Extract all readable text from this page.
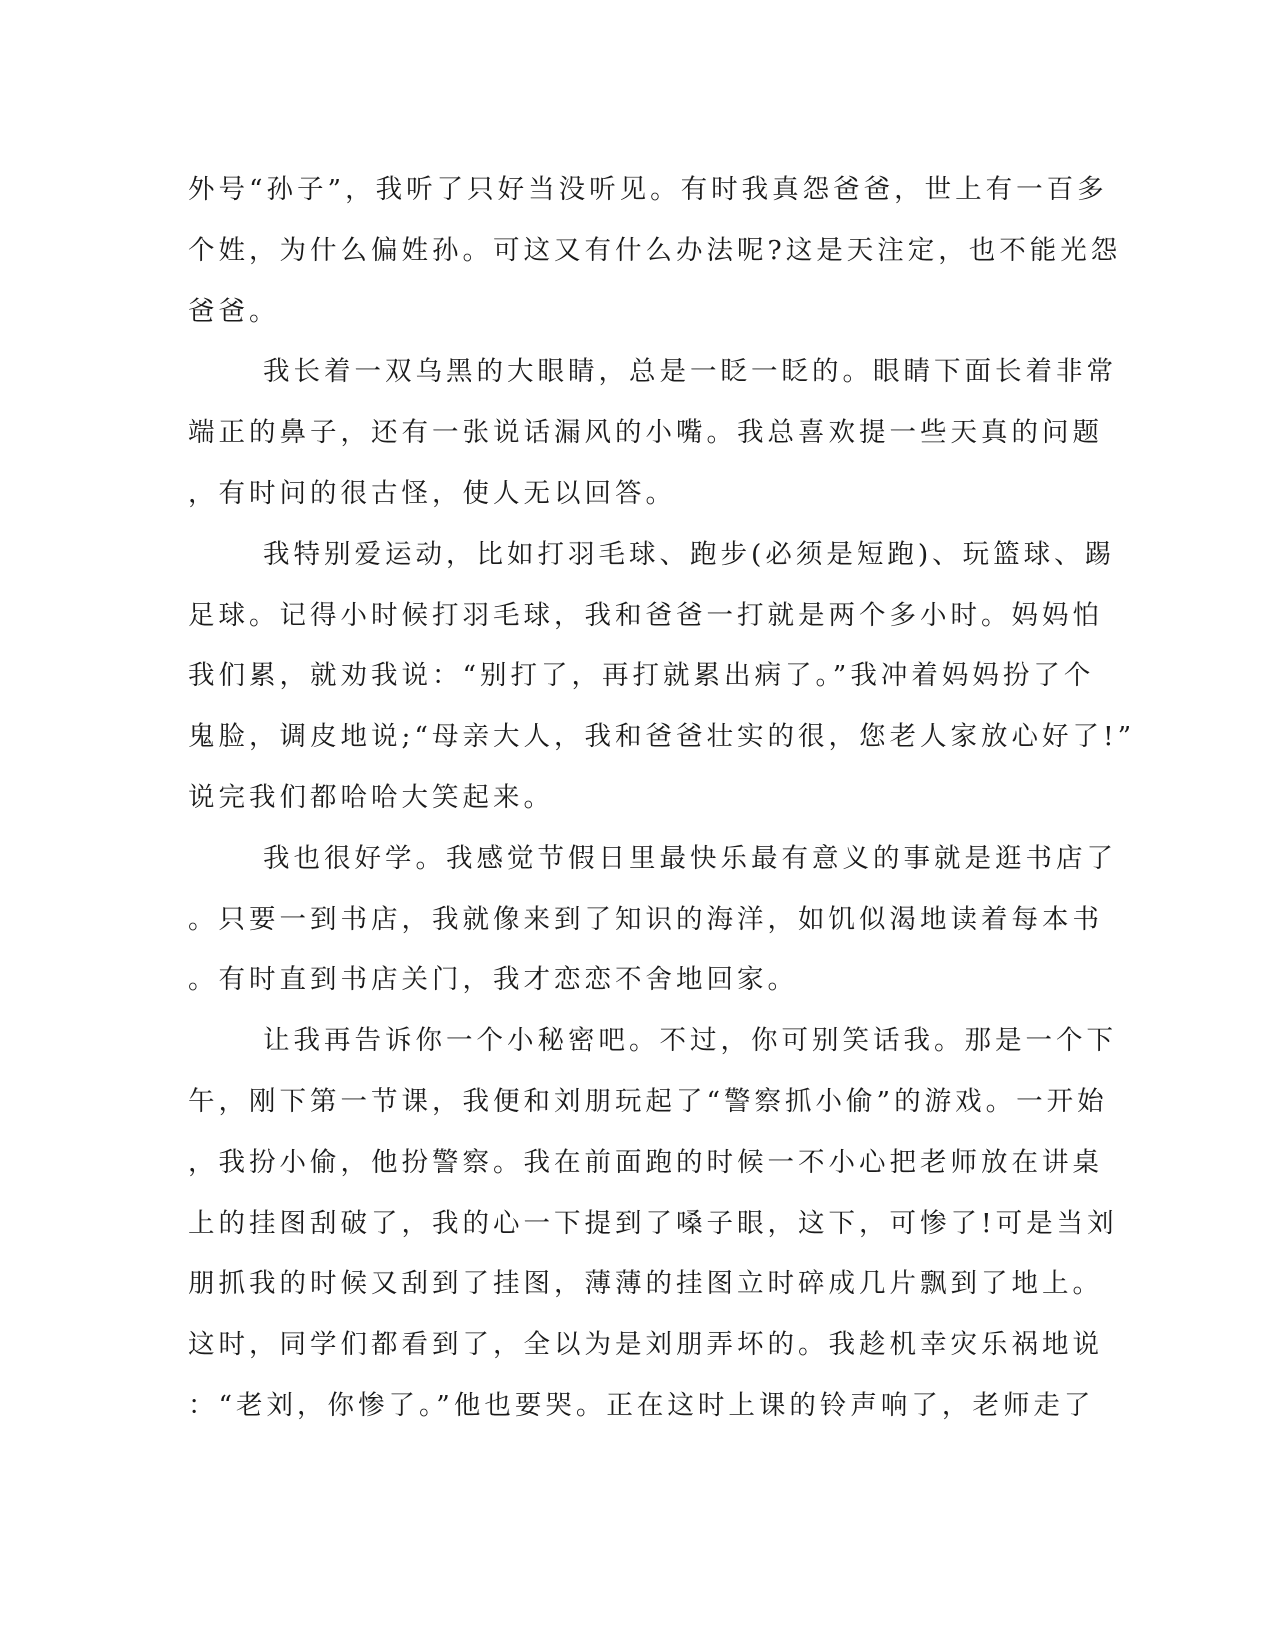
外号“孙子”，我听了只好当没听见。有时我真怨爸爸，世上有一百多
个姓，为什么偏姓孙。可这又有什么办法呢?这是天注定，也不能光怨
爸爸。
我长着一双乌黑的大眼睛，总是一眨一眨的。眼睛下面长着非常
端正的鼻子，还有一张说话漏风的小嘴。我总喜欢提一些天真的问题
，有时问的很古怪，使人无以回答。
我特别爱运动，比如打羽毛球、跑步(必须是短跑)、玩篮球、踢
足球。记得小时候打羽毛球，我和爸爸一打就是两个多小时。妈妈怕
我们累，就劝我说：“别打了，再打就累出病了。”我冲着妈妈扮了个
鬼脸，调皮地说;“母亲大人，我和爸爸壮实的很，您老人家放心好了!”
说完我们都哈哈大笑起来。
我也很好学。我感觉节假日里最快乐最有意义的事就是逛书店了
。只要一到书店，我就像来到了知识的海洋，如饥似渴地读着每本书
。有时直到书店关门，我才恋恋不舍地回家。
让我再告诉你一个小秘密吧。不过，你可别笑话我。那是一个下
午，刚下第一节课，我便和刘朋玩起了“警察抓小偷”的游戏。一开始
，我扮小偷，他扮警察。我在前面跑的时候一不小心把老师放在讲桌
上的挂图刮破了，我的心一下提到了嗓子眼，这下，可惨了!可是当刘
朋抓我的时候又刮到了挂图，薄薄的挂图立时碎成几片飘到了地上。
这时，同学们都看到了，全以为是刘朋弄坏的。我趁机幸灾乐祸地说
：“老刘，你惨了。”他也要哭。正在这时上课的铃声响了，老师走了
